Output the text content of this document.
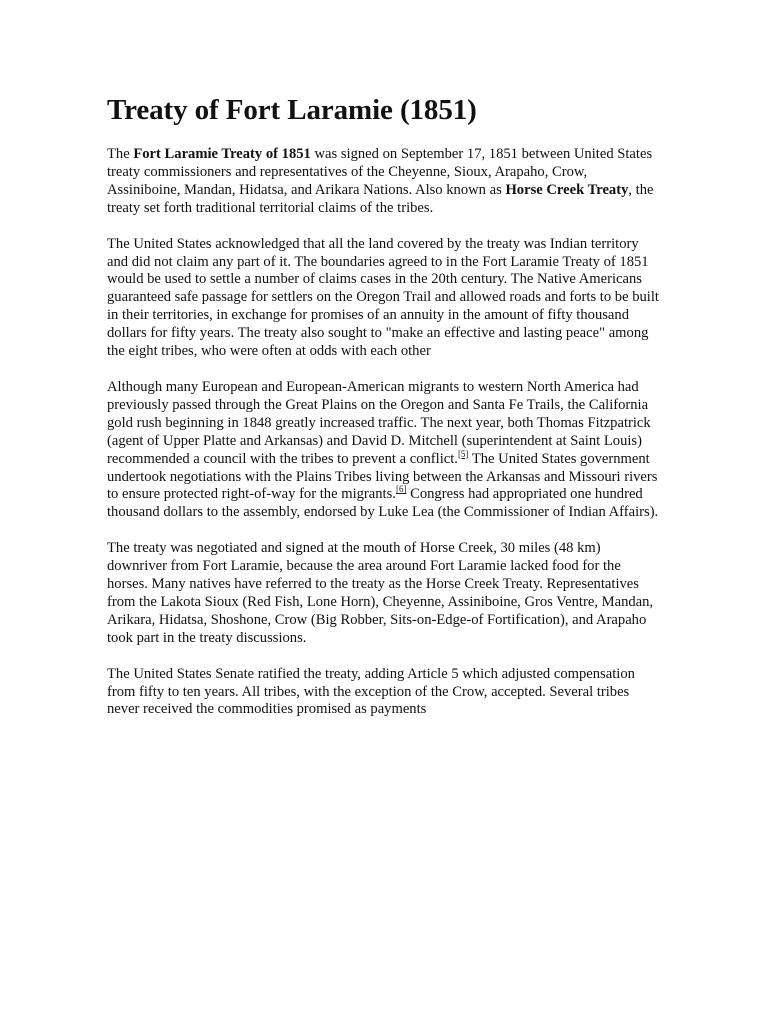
Treaty of Fort Laramie (1851)

The Fort Laramie Treaty of 1851 was signed on September 17, 1851 between United States treaty commissioners and representatives of the Cheyenne, Sioux, Arapaho, Crow, Assiniboine, Mandan, Hidatsa, and Arikara Nations. Also known as Horse Creek Treaty, the treaty set forth traditional territorial claims of the tribes.

The United States acknowledged that all the land covered by the treaty was Indian territory and did not claim any part of it. The boundaries agreed to in the Fort Laramie Treaty of 1851 would be used to settle a number of claims cases in the 20th century. The Native Americans guaranteed safe passage for settlers on the Oregon Trail and allowed roads and forts to be built in their territories, in exchange for promises of an annuity in the amount of fifty thousand dollars for fifty years. The treaty also sought to "make an effective and lasting peace" among the eight tribes, who were often at odds with each other

Although many European and European-American migrants to western North America had previously passed through the Great Plains on the Oregon and Santa Fe Trails, the California gold rush beginning in 1848 greatly increased traffic. The next year, both Thomas Fitzpatrick (agent of Upper Platte and Arkansas) and David D. Mitchell (superintendent at Saint Louis) recommended a council with the tribes to prevent a conflict.[5] The United States government undertook negotiations with the Plains Tribes living between the Arkansas and Missouri rivers to ensure protected right-of-way for the migrants.[6] Congress had appropriated one hundred thousand dollars to the assembly, endorsed by Luke Lea (the Commissioner of Indian Affairs).

The treaty was negotiated and signed at the mouth of Horse Creek, 30 miles (48 km) downriver from Fort Laramie, because the area around Fort Laramie lacked food for the horses. Many natives have referred to the treaty as the Horse Creek Treaty. Representatives from the Lakota Sioux (Red Fish, Lone Horn), Cheyenne, Assiniboine, Gros Ventre, Mandan, Arikara, Hidatsa, Shoshone, Crow (Big Robber, Sits-on-Edge-of Fortification), and Arapaho took part in the treaty discussions.

The United States Senate ratified the treaty, adding Article 5 which adjusted compensation from fifty to ten years. All tribes, with the exception of the Crow, accepted. Several tribes never received the commodities promised as payments
